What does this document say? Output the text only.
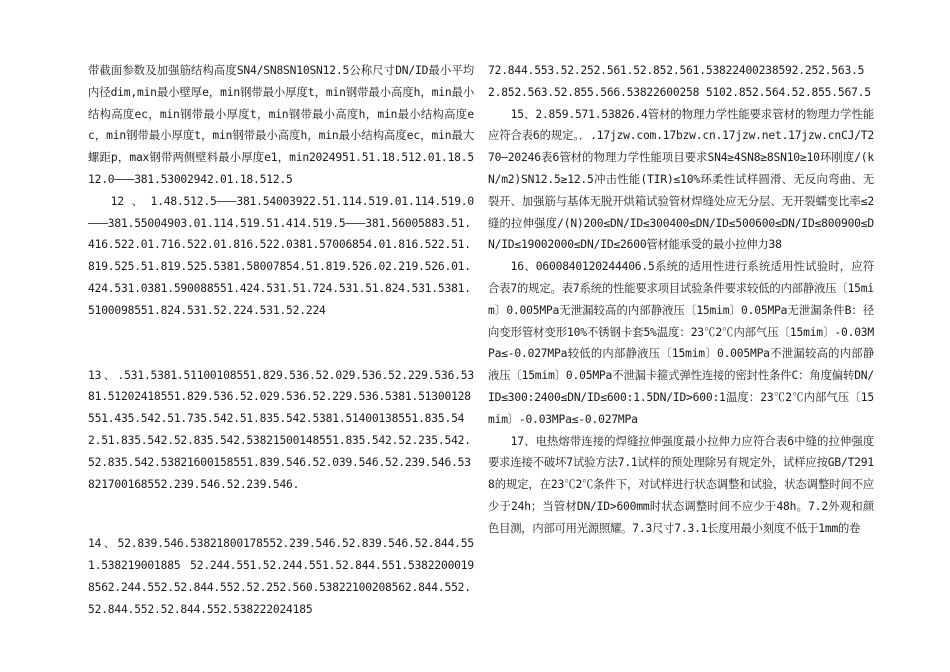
带截面参数及加强筋结构高度SN4/SN8SN10SN12.5公称尺寸DN/ID最小平均内径dim,min最小壁厚e，min钢带最小厚度t，min钢带最小高度h，min最小结构高度ec，min钢带最小厚度t，min钢带最小高度h，min最小结构高度ec，min钢带最小厚度t，min钢带最小高度h，min最小结构高度ec，min最大螺距p，max钢带两侧壁料最小厚度e1，min2024951.51.18.512.01.18.512.0———381.53002942.01.18.512.5

12、1.48.512.5———381.54003922.51.114.519.01.114.519.0———381.55004903.01.114.519.51.414.519.5———381.56005883.51.416.522.01.716.522.01.816.522.0381.57006854.01.816.522.51.819.525.51.819.525.5381.58007854.51.819.526.02.219.526.01.424.531.0381.590088551.424.531.51.724.531.51.824.531.5381.5100098551.824.531.52.224.531.52.224

13、.531.5381.51100108551.829.536.52.029.536.52.229.536.5381.51202418551.829.536.52.029.536.52.229.536.5381.51300128551.435.542.51.735.542.51.835.542.5381.51400138551.835.542.51.835.542.52.835.542.53821500148551.835.542.52.235.542.52.835.542.53821600158551.839.546.52.039.546.52.239.546.53821700168552.239.546.52.239.546.

14、52.839.546.53821800178552.239.546.52.839.546.52.844.551.538219001885 52.244.551.52.244.551.52.844.551.53822000198562.244.552.52.844.552.52.252.560.53822100208562.844.552.52.844.552.52.844.552.538222024185

72.844.553.52.252.561.52.852.561.53822400238592.252.563.52.852.563.52.855.566.53822600258 5102.852.564.52.855.567.5

15、2.859.571.53826.4管材的物理力学性能要求管材的物理力学性能应符合表6的规定。．.17jzw.com.17bzw.cn.17jzw.net.17jzw.cnCJ/T270—20246表6管材的物理力学性能项目要求SN4≥4SN8≥8SN10≥10环刚度/(kN/m2)SN12.5≥12.5冲击性能(TIR)≤10%环柔性试样圆滑、无反向弯曲、无裂开、加强筋与基体无脱开烘箱试验管材焊缝处应无分层、无开裂蠕变比率≤2缝的拉伸强度/(N)200≤DN/ID≤300400≤DN/ID≤500600≤DN/ID≤800900≤DN/ID≤19002000≤DN/ID≤2600管材能承受的最小拉伸力38

16、0600840120244406.5系统的适用性进行系统适用性试验时，应符合表7的规定。表7系统的性能要求项目试验条件要求较低的内部静液压〔15mim〕0.005MPa无泄漏较高的内部静液压〔15mim〕0.05MPa无泄漏条件B：径向变形管材变形10%不锈钢卡套5%温度：23℃2℃内部气压〔15mim〕-0.03MPa≤-0.027MPa较低的内部静液压〔15mim〕0.005MPa不泄漏较高的内部静液压〔15mim〕0.05MPa不泄漏卡箍式弹性连接的密封性条件C：角度偏转DN/ID≤300:2400≤DN/ID≤600:1.5DN/ID>600:1温度：23℃2℃内部气压〔15mim〕-0.03MPa≤-0.027MPa

17、电热熔带连接的焊缝拉伸强度最小拉伸力应符合表6中缝的拉伸强度要求连接不破坏7试验方法7.1试样的预处理除另有规定外，试样应按GB/T2918的规定，在23℃2℃条件下，对试样进行状态调整和试验，状态调整时间不应少于24h；当管材DN/ID>600mm时状态调整时间不应少于48h。7.2外观和颜色目测，内部可用光源照耀。7.3尺寸7.3.1长度用最小刻度不低于1mm的卷
